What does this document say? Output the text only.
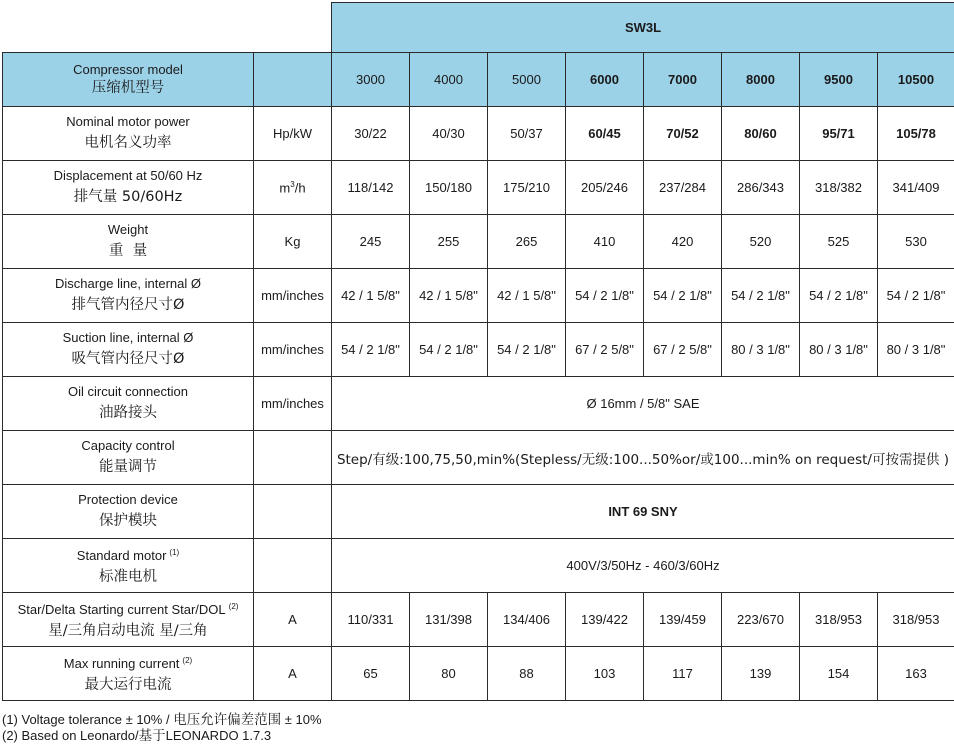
		SW3L							

Compressor model
压缩机型号		3000	4000	5000	6000	7000	8000	9500	10500

Nominal motor power
电机名义功率	Hp/kW	30/22	40/30	50/37	60/45	70/52	80/60	95/71	105/78

Displacement at 50/60 Hz
排气量 50/60Hz	$m^3/h$	118/142	150/180	175/210	205/246	237/284	286/343	318/382	341/409

Weight
重  量	Kg	245	255	265	410	420	520	525	530

Discharge line, internal Ø
排气管内径尺寸Ø	mm/inches	42 / 1 5/8"	42 / 1 5/8"	42 / 1 5/8"	54 / 2 1/8"	54 / 2 1/8"	54 / 2 1/8"	54 / 2 1/8"	54 / 2 1/8"

Suction line, internal Ø
吸气管内径尺寸Ø	mm/inches	54 / 2 1/8"	54 / 2 1/8"	54 / 2 1/8"	67 / 2 5/8"	67 / 2 5/8"	80 / 3 1/8"	80 / 3 1/8"	80 / 3 1/8"

Oil circuit connection
油路接头	mm/inches	Ø 16mm / 5/8" SAE							

Capacity control
能量调节		Step/有级:100,75,50,min%(Stepless/无级:100...50%or/或100...min% on request/可按需提供 )							

Protection device
保护模块		INT 69 SNY							

Standard motor $^{(1)}$
标准电机		400V/3/50Hz - 460/3/60Hz							

Star/Delta Starting current Star/DOL $^{(2)}$
星/三角启动电流 星/三角	A	110/331	131/398	134/406	139/422	139/459	223/670	318/953	318/953

Max running current $^{(2)}$
最大运行电流	A	65	80	88	103	117	139	154	163
(1) Voltage tolerance ± 10% / 电压允许偏差范围 ± 10%
(2) Based on Leonardo/基于LEONARDO 1.7.3
